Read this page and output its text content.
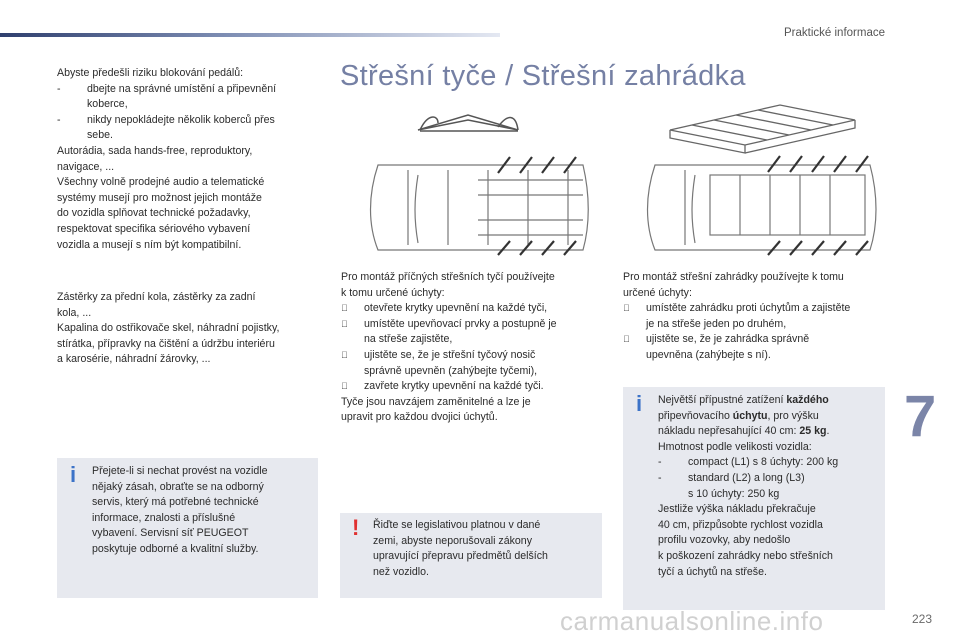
Praktické informace
Abyste předešli riziku blokování pedálů:
- dbejte na správné umístění a připevnění
koberce,
- nikdy nepokládejte několik koberců přes
sebe.
Autorádia, sada hands-free, reproduktory,
navigace, ...
Všechny volně prodejné audio a telematické
systémy musejí pro možnost jejich montáže
do vozidla splňovat technické požadavky,
respektovat specifika sériového vybavení
vozidla a musejí s ním být kompatibilní.
Zástěrky za přední kola, zástěrky za zadní
kola, ...
Kapalina do ostřikovače skel, náhradní pojistky,
stírátka, přípravky na čištění a údržbu interiéru
a karosérie, náhradní žárovky, ...
i Přejete-li si nechat provést na vozidle
nějaký zásah, obraťte se na odborný
servis, který má potřebné technické
informace, znalosti a příslušné
vybavení. Servisní síť PEUGEOT
poskytuje odborné a kvalitní služby.
Střešní tyče / Střešní zahrádka
Pro montáž příčných střešních tyčí používejte
k tomu určené úchyty:
otevřete krytky upevnění na každé tyči,
umístěte upevňovací prvky a postupně je
na střeše zajistěte,
ujistěte se, že je střešní tyčový nosič
správně upevněn (zahýbejte tyčemi),
zavřete krytky upevnění na každé tyči.
Tyče jsou navzájem zaměnitelné a lze je
upravit pro každou dvojici úchytů.
! Řiďte se legislativou platnou v dané
zemi, abyste neporušovali zákony
upravující přepravu předmětů delších
než vozidlo.
Pro montáž střešní zahrádky používejte k tomu
určené úchyty:
umístěte zahrádku proti úchytům a zajistěte
je na střeše jeden po druhém,
ujistěte se, že je zahrádka správně
upevněna (zahýbejte s ní).
i Největší přípustné zatížení každého
připevňovacího úchytu, pro výšku
nákladu nepřesahující 40 cm: 25 kg.
Hmotnost podle velikosti vozidla:
- compact (L1) s 8 úchyty: 200 kg
- standard (L2) a long (L3)
s 10 úchyty: 250 kg
Jestliže výška nákladu překračuje
40 cm, přizpůsobte rychlost vozidla
profilu vozovky, aby nedošlo
k poškození zahrádky nebo střešních
tyčí a úchytů na střeše.
7
carmanualsonline.info	223
